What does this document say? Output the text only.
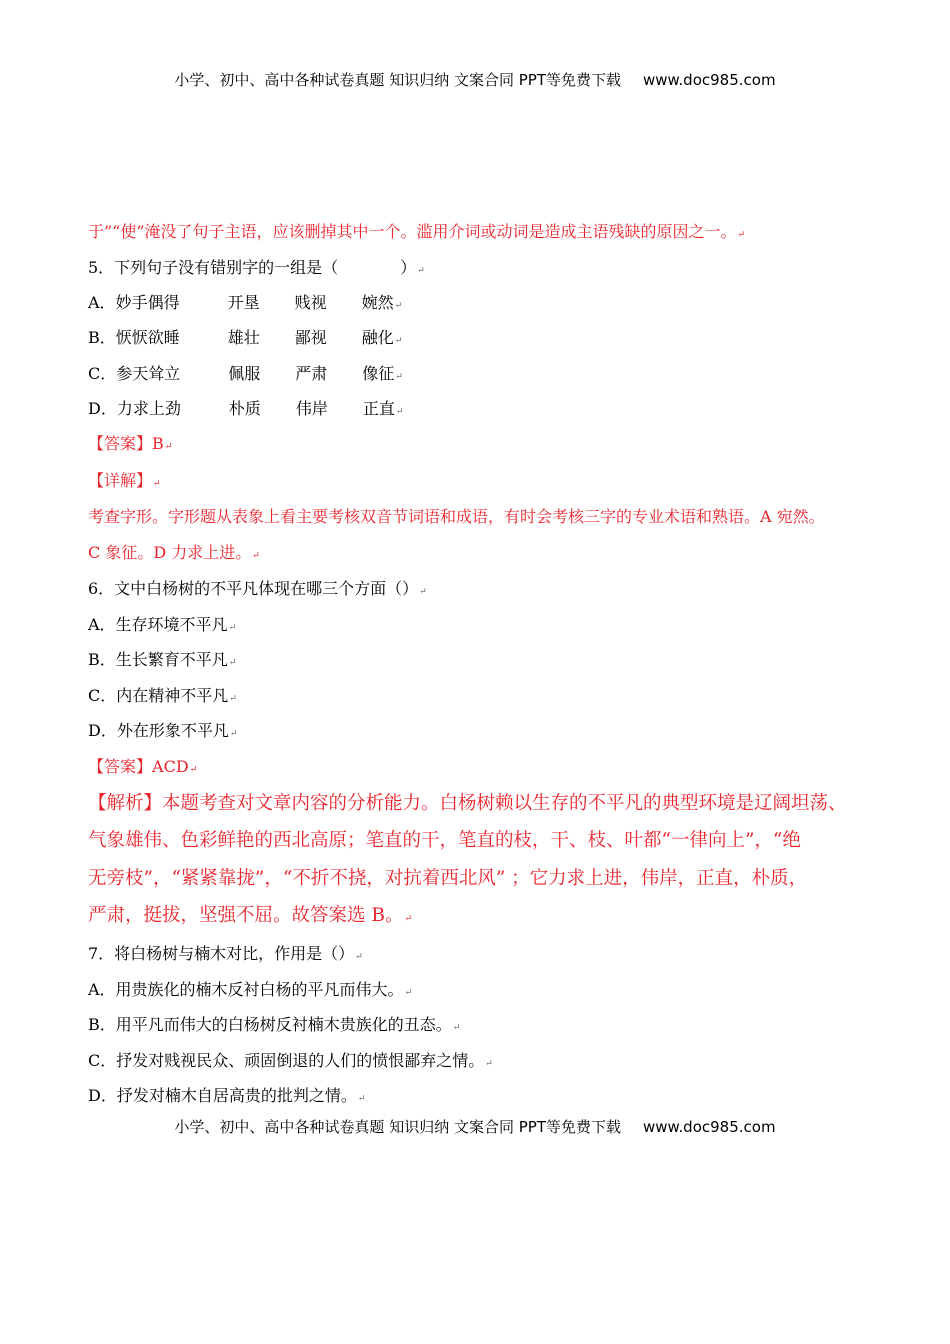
小学、初中、高中各种试卷真题 知识归纳 文案合同 PPT等免费下载 www.doc985.com
于”“使”淹没了句子主语，应该删掉其中一个。滥用介词或动词是造成主语残缺的原因之一。↵
5．下列句子没有错别字的一组是（	）↵
A．妙手偶得	开垦 贱视 婉然↵
B．恹恹欲睡	雄壮 鄙视 融化↵
C．参天耸立	佩服 严肃 像征↵
D．力求上劲	朴质 伟岸 正直↵
【答案】B↵
【详解】↵
考查字形。字形题从表象上看主要考核双音节词语和成语，有时会考核三字的专业术语和熟语。A 宛然。
C 象征。D 力求上进。↵
6．文中白杨树的不平凡体现在哪三个方面（）↵
A．生存环境不平凡↵
B．生长繁育不平凡↵
C．内在精神不平凡↵
D．外在形象不平凡↵
【答案】ACD↵
【解析】本题考查对文章内容的分析能力。白杨树赖以生存的不平凡的典型环境是辽阔坦荡、
气象雄伟、色彩鲜艳的西北高原；笔直的干，笔直的枝，干、枝、叶都“一律向上”，“绝
无旁枝”，“紧紧靠拢”，“不折不挠，对抗着西北风” ；它力求上进，伟岸，正直，朴质，
严肃，挺拔，坚强不屈。故答案选 B。↵
7．将白杨树与楠木对比，作用是（）↵
A．用贵族化的楠木反衬白杨的平凡而伟大。↵
B．用平凡而伟大的白杨树反衬楠木贵族化的丑态。↵
C．抒发对贱视民众、顽固倒退的人们的愤恨鄙弃之情。↵
D．抒发对楠木自居高贵的批判之情。↵
小学、初中、高中各种试卷真题 知识归纳 文案合同 PPT等免费下载 www.doc985.com
